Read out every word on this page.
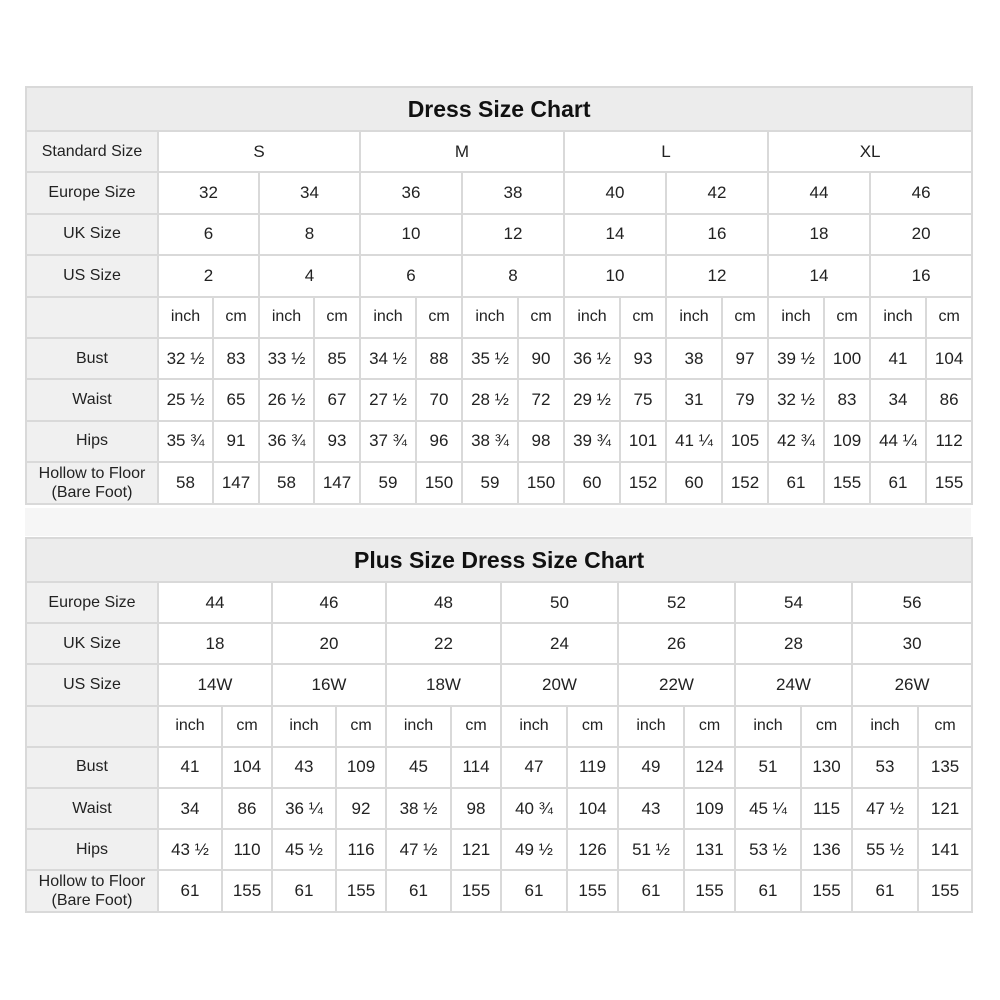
Dress Size Chart																
Standard Size	S				M				L				XL			
Europe Size	32		34		36		38		40		42		44		46	
UK Size	6		8		10		12		14		16		18		20	
US Size	2		4		6		8		10		12		14		16	
	inch	cm	inch	cm	inch	cm	inch	cm	inch	cm	inch	cm	inch	cm	inch	cm
Bust	32 ½	83	33 ½	85	34 ½	88	35 ½	90	36 ½	93	38	97	39 ½	100	41	104
Waist	25 ½	65	26 ½	67	27 ½	70	28 ½	72	29 ½	75	31	79	32 ½	83	34	86
Hips	35 ¾	91	36 ¾	93	37 ¾	96	38 ¾	98	39 ¾	101	41 ¼	105	42 ¾	109	44 ¼	112
Hollow to Floor (Bare Foot)	58	147	58	147	59	150	59	150	60	152	60	152	61	155	61	155
Plus Size Dress Size Chart														
Europe Size	44		46		48		50		52		54		56	
UK Size	18		20		22		24		26		28		30	
US Size	14W		16W		18W		20W		22W		24W		26W	
	inch	cm	inch	cm	inch	cm	inch	cm	inch	cm	inch	cm	inch	cm
Bust	41	104	43	109	45	114	47	119	49	124	51	130	53	135
Waist	34	86	36 ¼	92	38 ½	98	40 ¾	104	43	109	45 ¼	115	47 ½	121
Hips	43 ½	110	45 ½	116	47 ½	121	49 ½	126	51 ½	131	53 ½	136	55 ½	141
Hollow to Floor (Bare Foot)	61	155	61	155	61	155	61	155	61	155	61	155	61	155
